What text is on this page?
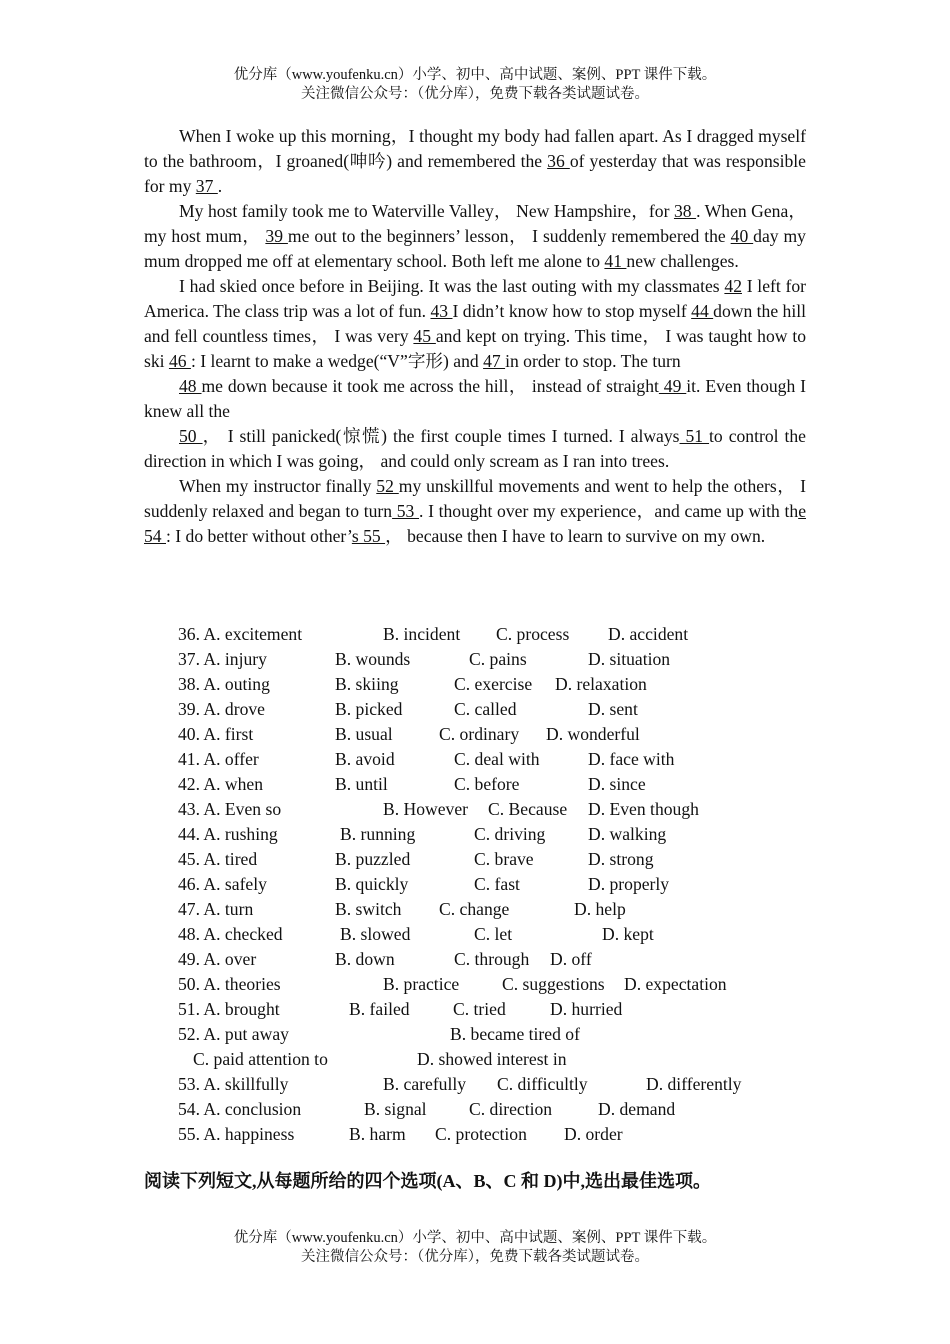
优分库（www.youfenku.cn）小学、初中、高中试题、案例、PPT 课件下载。
关注微信公众号：（优分库），免费下载各类试题试卷。

When I woke up this morning，I thought my body had fallen apart. As I dragged myself to the bathroom，I groaned(呻吟) and remembered the 36 of yesterday that was responsible for my 37 .

My host family took me to Waterville Valley， New Hampshire，for 38 . When Gena， my host mum， 39 me out to the beginners’ lesson， I suddenly remembered the 40 day my mum dropped me off at elementary school. Both left me alone to 41 new challenges.

I had skied once before in Beijing. It was the last outing with my classmates 42 I left for America. The class trip was a lot of fun. 43 I didn’t know how to stop myself 44 down the hill and fell countless times， I was very 45 and kept on trying. This time， I was taught how to ski 46 : I learnt to make a wedge(“V”字形) and 47 in order to stop. The turn

48 me down because it took me across the hill， instead of straight 49 it. Even though I knew all the

50 ， I still panicked(惊慌) the first couple times I turned. I always 51 to control the direction in which I was going， and could only scream as I ran into trees.

When my instructor finally 52 my unskillful movements and went to help the others， I suddenly relaxed and began to turn 53 . I thought over my experience，and came up with the 54 : I do better without other’s 55 ， because then I have to learn to survive on my own.

36. A. excitement	B. incident C. process D. accident
37. A. injury	B. wounds	C. pains	D. situation
38. A. outing	B. skiing	C. exercise D. relaxation
39. A. drove	B. picked	C. called	D. sent
40. A. first	B. usual	C. ordinary D. wonderful
41. A. offer	B. avoid	C. deal with	D. face with
42. A. when	B. until	C. before	D. since
43. A. Even so	B. However C. Because D. Even though
44. A. rushing	B. running	C. driving D. walking
45. A. tired	B. puzzled	C. brave	D. strong
46. A. safely	B. quickly	C. fast	D. properly
47. A. turn	B. switch C. change	D. help
48. A. checked	B. slowed	C. let	D. kept
49. A. over	B. down	C. through D. off
50. A. theories	B. practice C. suggestions D. expectation
51. A. brought	B. failed C. tried	D. hurried
52. A. put away	B. became tired of
C. paid attention to	D. showed interest in
53. A. skillfully	B. carefully C. difficultly	D. differently
54. A. conclusion	B. signal C. direction	D. demand
55. A. happiness	B. harm C. protection D. order
阅读下列短文,从每题所给的四个选项(A、B、C 和 D)中,选出最佳选项。
优分库（www.youfenku.cn）小学、初中、高中试题、案例、PPT 课件下载。
关注微信公众号：（优分库），免费下载各类试题试卷。
